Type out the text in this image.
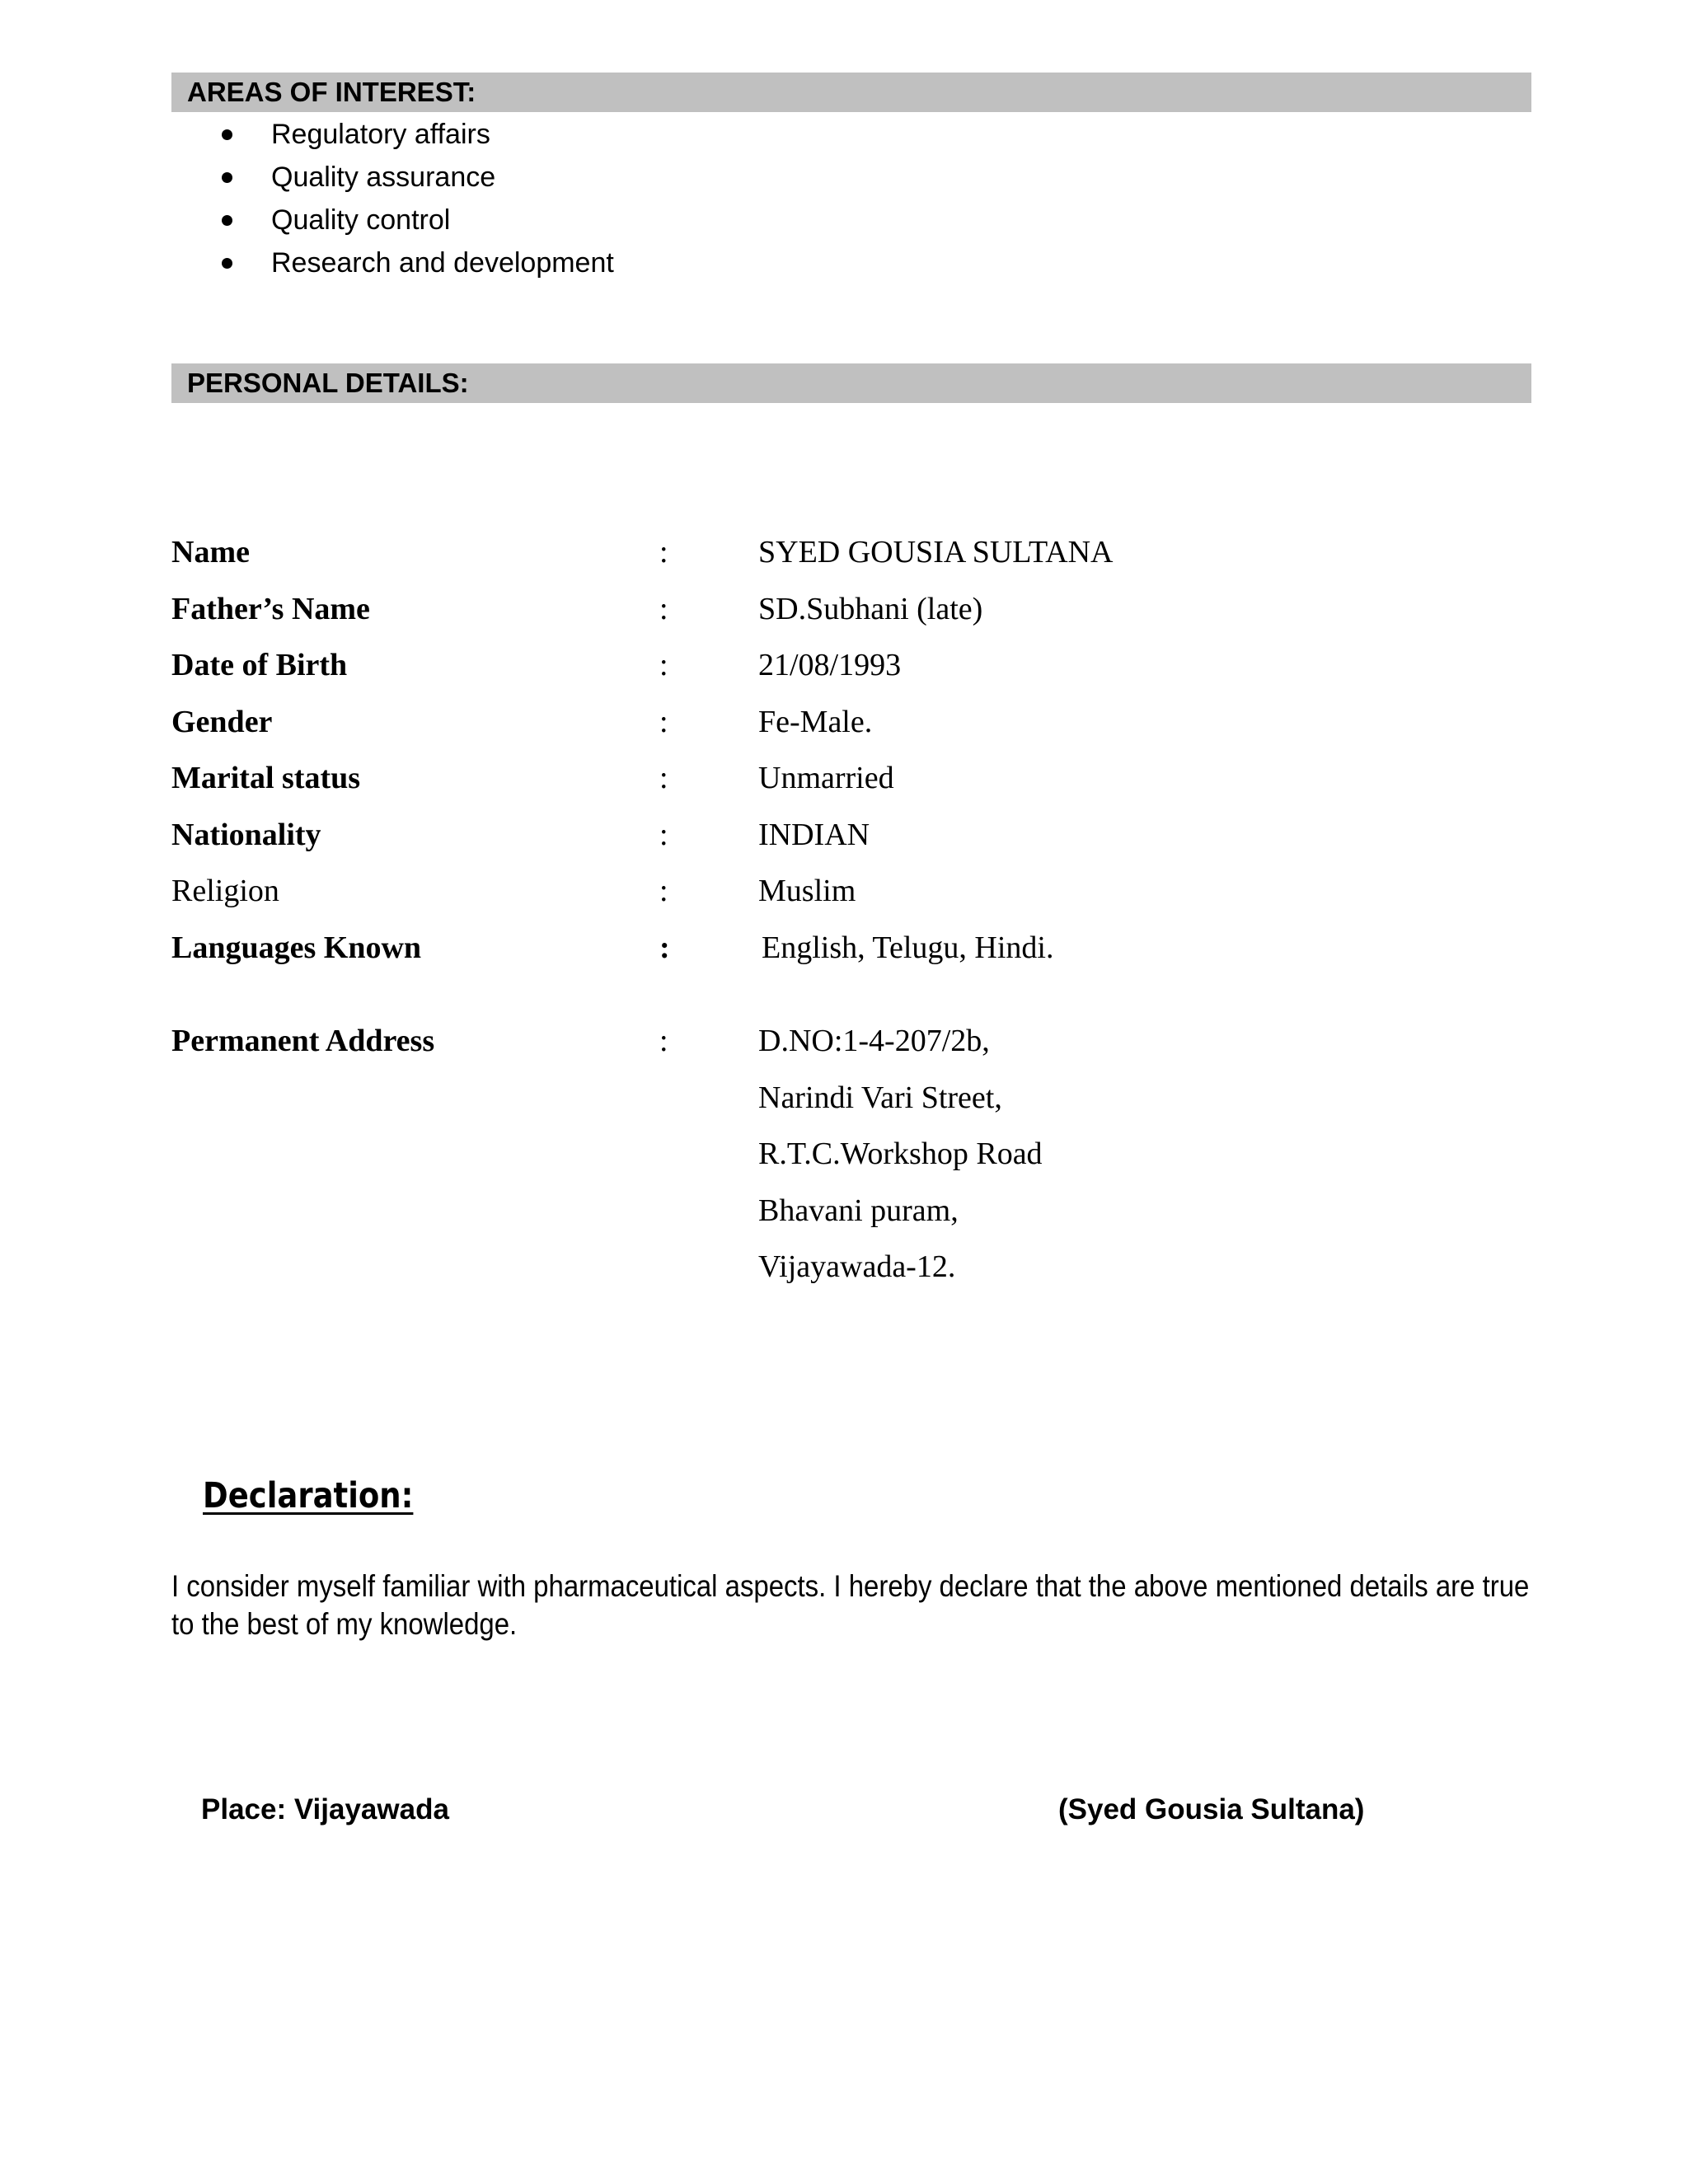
AREAS OF INTEREST:
Regulatory affairs
Quality assurance
Quality control
Research and development
PERSONAL DETAILS:
Name	:	SYED GOUSIA SULTANA
Father’s Name	:	SD.Subhani (late)
Date of Birth	:	21/08/1993
Gender	:	Fe-Male.
Marital status	:	Unmarried
Nationality	:	INDIAN
Religion	:	Muslim
Languages Known	:	English, Telugu, Hindi.
Permanent Address	:	D.NO:1-4-207/2b,
Narindi Vari Street,
R.T.C.Workshop Road
Bhavani puram,
Vijayawada-12.
Declaration:
I consider myself familiar with pharmaceutical aspects. I hereby declare that the above mentioned details are true to the best of my knowledge.
Place: Vijayawada	(Syed Gousia Sultana)
